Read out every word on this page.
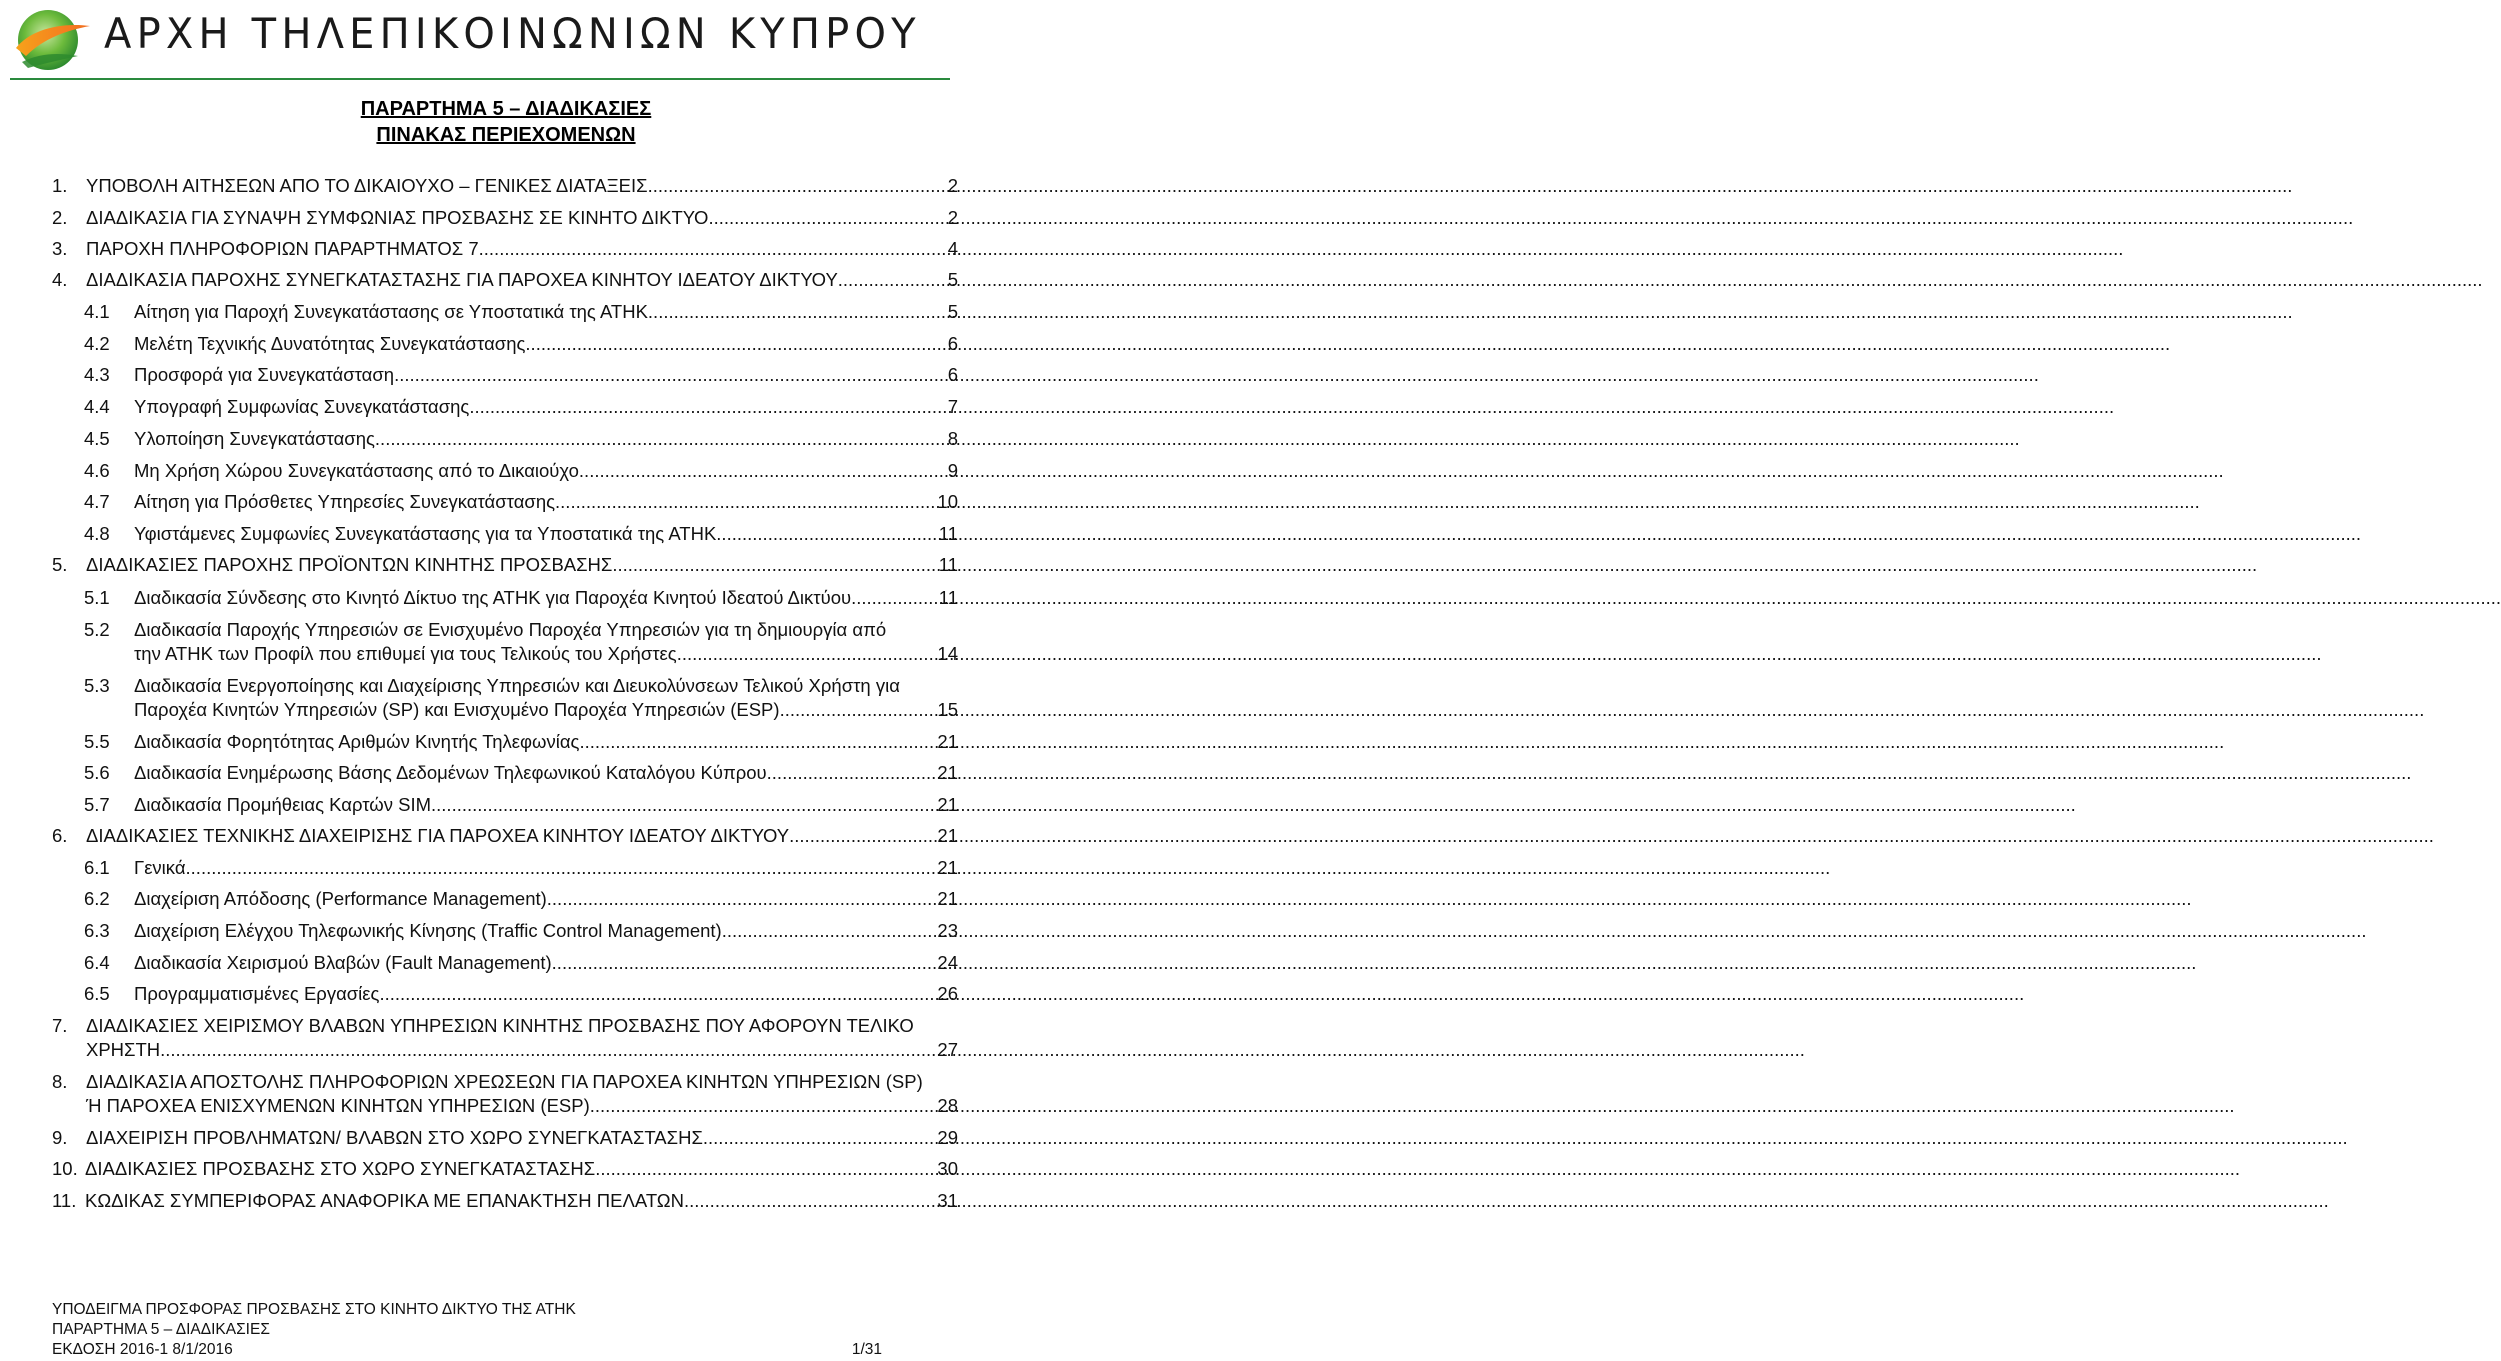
ΑΡΧΗ ΤΗΛΕΠΙΚΟΙΝΩΝΙΩΝ ΚΥΠΡΟΥ
ΠΑΡΑΡΤΗΜΑ 5 – ΔΙΑΔΙΚΑΣΙΕΣ
ΠΙΝΑΚΑΣ ΠΕΡΙΕΧΟΜΕΝΩΝ
1. ΥΠΟΒΟΛΗ ΑΙΤΗΣΕΩΝ ΑΠΟ ΤΟ ΔΙΚΑΙΟΥΧΟ – ΓΕΝΙΚΕΣ ΔΙΑΤΑΞΕΙΣ .....	2
2. ΔΙΑΔΙΚΑΣΙΑ ΓΙΑ ΣΥΝΑΨΗ ΣΥΜΦΩΝΙΑΣ ΠΡΟΣΒΑΣΗΣ ΣΕ ΚΙΝΗΤΟ ΔΙΚΤΥΟ .....	2
3. ΠΑΡΟΧΗ ΠΛΗΡΟΦΟΡΙΩΝ ΠΑΡΑΡΤΗΜΑΤΟΣ 7 .....	4
4. ΔΙΑΔΙΚΑΣΙΑ ΠΑΡΟΧΗΣ ΣΥΝΕΓΚΑΤΑΣΤΑΣΗΣ ΓΙΑ ΠΑΡΟΧΕΑ ΚΙΝΗΤΟΥ ΙΔΕΑΤΟΥ ΔΙΚΤΥΟΥ .....	5
4.1 Αίτηση για Παροχή Συνεγκατάστασης σε Υποστατικά της ΑΤΗΚ .....	5
4.2 Μελέτη Τεχνικής Δυνατότητας Συνεγκατάστασης .....	6
4.3 Προσφορά για Συνεγκατάσταση .....	6
4.4 Υπογραφή Συμφωνίας Συνεγκατάστασης .....	7
4.5 Υλοποίηση Συνεγκατάστασης .....	8
4.6 Μη Χρήση Χώρου Συνεγκατάστασης από το Δικαιούχο .....	9
4.7 Αίτηση για Πρόσθετες Υπηρεσίες Συνεγκατάστασης .....	10
4.8 Υφιστάμενες Συμφωνίες Συνεγκατάστασης για τα Υποστατικά της ΑΤΗΚ .....	11
5. ΔΙΑΔΙΚΑΣΙΕΣ ΠΑΡΟΧΗΣ ΠΡΟΪΟΝΤΩΝ ΚΙΝΗΤΗΣ ΠΡΟΣΒΑΣΗΣ .....	11
5.1 Διαδικασία Σύνδεσης στο Κινητό Δίκτυο της ΑΤΗΚ για Παροχέα Κινητού Ιδεατού Δικτύου. .....	11
5.2 Διαδικασία Παροχής Υπηρεσιών σε Ενισχυμένο Παροχέα Υπηρεσιών για τη δημιουργία από
την ΑΤΗΚ των Προφίλ που επιθυμεί για τους Τελικούς του Χρήστες .....	14
5.3 Διαδικασία Ενεργοποίησης και Διαχείρισης Υπηρεσιών και Διευκολύνσεων Τελικού Χρήστη για
Παροχέα Κινητών Υπηρεσιών (SP) και Ενισχυμένο Παροχέα Υπηρεσιών (ESP) .....	15
5.5 Διαδικασία Φορητότητας Αριθμών Κινητής Τηλεφωνίας .....	21
5.6 Διαδικασία Ενημέρωσης Βάσης Δεδομένων Τηλεφωνικού Καταλόγου Κύπρου .....	21
5.7 Διαδικασία Προμήθειας Καρτών SIM .....	21
6. ΔΙΑΔΙΚΑΣΙΕΣ ΤΕΧΝΙΚΗΣ ΔΙΑΧΕΙΡΙΣΗΣ ΓΙΑ ΠΑΡΟΧΕΑ ΚΙΝΗΤΟΥ ΙΔΕΑΤΟΥ ΔΙΚΤΥΟΥ .....	21
6.1 Γενικά .....	21
6.2 Διαχείριση Απόδοσης (Performance Management) .....	21
6.3 Διαχείριση Ελέγχου Τηλεφωνικής Κίνησης (Traffic Control Management) .....	23
6.4 Διαδικασία Χειρισμού Βλαβών (Fault Management) .....	24
6.5 Προγραμματισμένες Εργασίες .....	26
7. ΔΙΑΔΙΚΑΣΙΕΣ ΧΕΙΡΙΣΜΟΥ ΒΛΑΒΩΝ ΥΠΗΡΕΣΙΩΝ ΚΙΝΗΤΗΣ ΠΡΟΣΒΑΣΗΣ ΠΟΥ ΑΦΟΡΟΥΝ ΤΕΛΙΚΟ
ΧΡΗΣΤΗ .....	27
8. ΔΙΑΔΙΚΑΣΙΑ ΑΠΟΣΤΟΛΗΣ ΠΛΗΡΟΦΟΡΙΩΝ ΧΡΕΩΣΕΩΝ ΓΙΑ ΠΑΡΟΧΕΑ ΚΙΝΗΤΩΝ ΥΠΗΡΕΣΙΩΝ (SP)
Ή ΠΑΡΟΧΕΑ ΕΝΙΣΧΥΜΕΝΩΝ ΚΙΝΗΤΩΝ ΥΠΗΡΕΣΙΩΝ (ESP) .....	28
9. ΔΙΑΧΕΙΡΙΣΗ ΠΡΟΒΛΗΜΑΤΩΝ/ ΒΛΑΒΩΝ ΣΤΟ ΧΩΡΟ ΣΥΝΕΓΚΑΤΑΣΤΑΣΗΣ .....	29
10. ΔΙΑΔΙΚΑΣΙΕΣ ΠΡΟΣΒΑΣΗΣ ΣΤΟ ΧΩΡΟ ΣΥΝΕΓΚΑΤΑΣΤΑΣΗΣ .....	30
11. ΚΩΔΙΚΑΣ ΣΥΜΠΕΡΙΦΟΡΑΣ ΑΝΑΦΟΡΙΚΑ ΜΕ ΕΠΑΝΑΚΤΗΣΗ ΠΕΛΑΤΩΝ .....	31
ΥΠΟΔΕΙΓΜΑ ΠΡΟΣΦΟΡΑΣ ΠΡΟΣΒΑΣΗΣ ΣΤΟ ΚΙΝΗΤΟ ΔΙΚΤΥΟ ΤΗΣ ΑΤΗΚ
ΠΑΡΑΡΤΗΜΑ 5 – ΔΙΑΔΙΚΑΣΙΕΣ
ΕΚΔΟΣΗ 2016-1 8/1/2016	1/31
